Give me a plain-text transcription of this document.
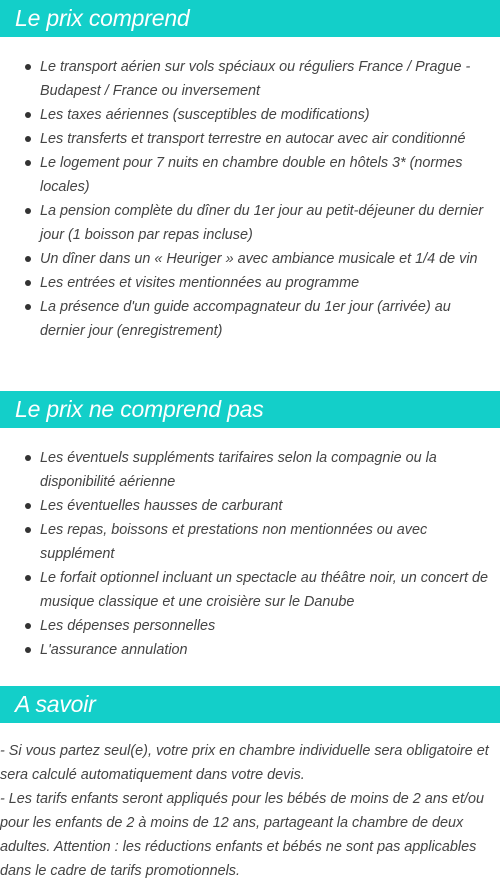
Le prix comprend
Le transport aérien sur vols spéciaux ou réguliers France / Prague - Budapest / France ou inversement
Les taxes aériennes (susceptibles de modifications)
Les transferts et transport terrestre en autocar avec air conditionné
Le logement pour 7 nuits en chambre double en hôtels 3* (normes locales)
La pension complète du dîner du 1er jour au petit-déjeuner du dernier jour (1 boisson par repas incluse)
Un dîner dans un « Heuriger » avec ambiance musicale et 1/4 de vin
Les entrées et visites mentionnées au programme
La présence d'un guide accompagnateur du 1er jour (arrivée) au dernier jour (enregistrement)
Le prix ne comprend pas
Les éventuels suppléments tarifaires selon la compagnie ou la disponibilité aérienne
Les éventuelles hausses de carburant
Les repas, boissons et prestations non mentionnées ou avec supplément
Le forfait optionnel incluant un spectacle au théâtre noir, un concert de musique classique et une croisière sur le Danube
Les dépenses personnelles
L'assurance annulation
A savoir

- Si vous partez seul(e), votre prix en chambre individuelle sera obligatoire et sera calculé automatiquement dans votre devis.

- Les tarifs enfants seront appliqués pour les bébés de moins de 2 ans et/ou pour les enfants de 2 à moins de 12 ans, partageant la chambre de deux adultes. Attention : les réductions enfants et bébés ne sont pas applicables dans le cadre de tarifs promotionnels.
